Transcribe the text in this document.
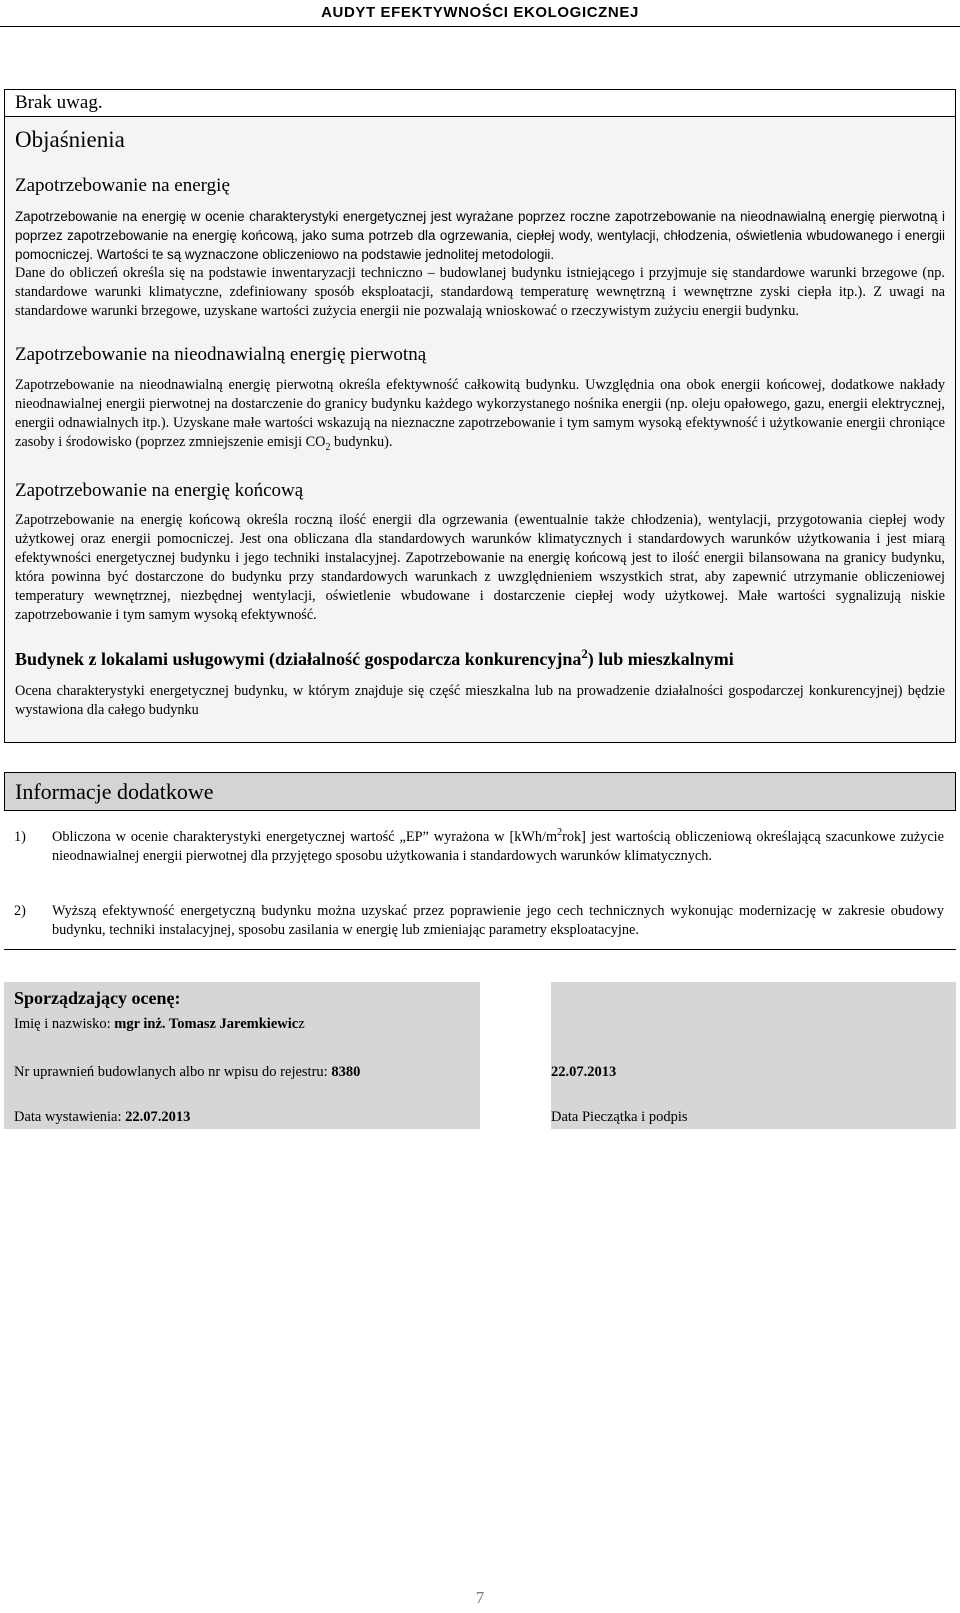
AUDYT EFEKTYWNOŚCI EKOLOGICZNEJ
Brak uwag.
Objaśnienia
Zapotrzebowanie na energię

Zapotrzebowanie na energię w ocenie charakterystyki energetycznej jest wyrażane poprzez roczne zapotrzebowanie na nieodnawialną energię pierwotną i poprzez zapotrzebowanie na energię końcową, jako suma potrzeb dla ogrzewania, ciepłej wody, wentylacji, chłodzenia, oświetlenia wbudowanego i energii pomocniczej. Wartości te są wyznaczone obliczeniowo na podstawie jednolitej metodologii.

Dane do obliczeń określa się na podstawie inwentaryzacji techniczno – budowlanej budynku istniejącego i przyjmuje się standardowe warunki brzegowe (np. standardowe warunki klimatyczne, zdefiniowany sposób eksploatacji, standardową temperaturę wewnętrzną i wewnętrzne zyski ciepła itp.). Z uwagi na standardowe warunki brzegowe, uzyskane wartości zużycia energii nie pozwalają wnioskować o rzeczywistym zużyciu energii budynku.

Zapotrzebowanie na nieodnawialną energię pierwotną

Zapotrzebowanie na nieodnawialną energię pierwotną określa efektywność całkowitą budynku. Uwzględnia ona obok energii końcowej, dodatkowe nakłady nieodnawialnej energii pierwotnej na dostarczenie do granicy budynku każdego wykorzystanego nośnika energii (np. oleju opałowego, gazu, energii elektrycznej, energii odnawialnych itp.). Uzyskane małe wartości wskazują na nieznaczne zapotrzebowanie i tym samym wysoką efektywność i użytkowanie energii chroniące zasoby i środowisko (poprzez zmniejszenie emisji $CO_2$ budynku).

Zapotrzebowanie na energię końcową

Zapotrzebowanie na energię końcową określa roczną ilość energii dla ogrzewania (ewentualnie także chłodzenia), wentylacji, przygotowania ciepłej wody użytkowej oraz energii pomocniczej. Jest ona obliczana dla standardowych warunków klimatycznych i standardowych warunków użytkowania i jest miarą efektywności energetycznej budynku i jego techniki instalacyjnej. Zapotrzebowanie na energię końcową jest to ilość energii bilansowana na granicy budynku, która powinna być dostarczone do budynku przy standardowych warunkach z uwzględnieniem wszystkich strat, aby zapewnić utrzymanie obliczeniowej temperatury wewnętrznej, niezbędnej wentylacji, oświetlenie wbudowane i dostarczenie ciepłej wody użytkowej. Małe wartości sygnalizują niskie zapotrzebowanie i tym samym wysoką efektywność.

Budynek z lokalami usługowymi (działalność gospodarcza konkurencyjna$^2$) lub mieszkalnymi

Ocena charakterystyki energetycznej budynku, w którym znajduje się część mieszkalna lub na prowadzenie działalności gospodarczej konkurencyjnej) będzie wystawiona dla całego budynku

Informacje dodatkowe
1) Obliczona w ocenie charakterystyki energetycznej wartość „EP” wyrażona w $[kWh/m^2rok]$ jest wartością obliczeniową określającą szacunkowe zużycie nieodnawialnej energii pierwotnej dla przyjętego sposobu użytkowania i standardowych warunków klimatycznych.
2) Wyższą efektywność energetyczną budynku można uzyskać przez poprawienie jego cech technicznych wykonując modernizację w zakresie obudowy budynku, techniki instalacyjnej, sposobu zasilania w energię lub zmieniając parametry eksploatacyjne.
Sporządzający ocenę:
Imię i nazwisko: mgr inż. Tomasz Jaremkiewicz
Nr uprawnień budowlanych albo nr wpisu do rejestru: 8380
Data wystawienia: 22.07.2013
22.07.2013
Data Pieczątka i podpis
7
